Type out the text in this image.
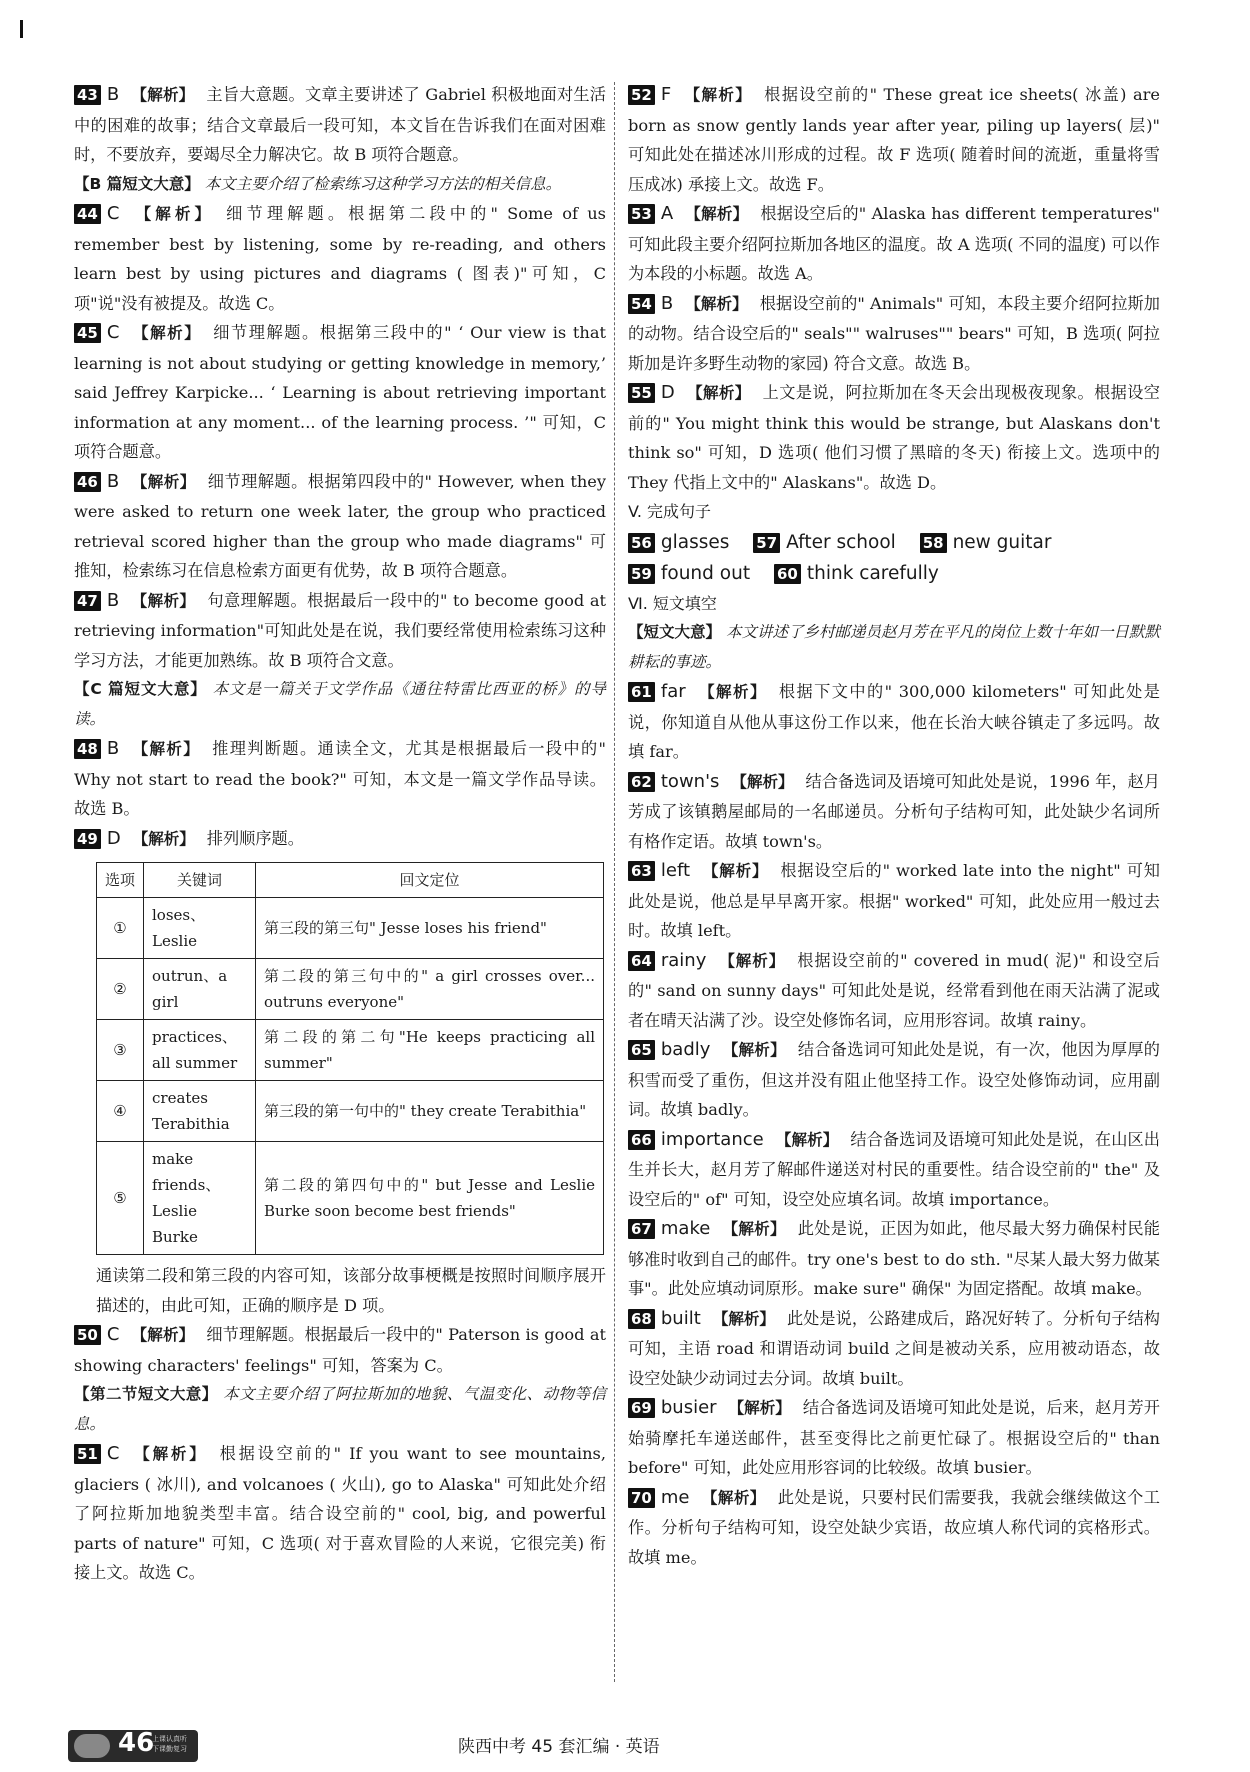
43 B 【解析】 主旨大意题。文章主要讲述了 Gabriel 积极地面对生活中的困难的故事；结合文章最后一段可知，本文旨在告诉我们在面对困难时，不要放弃，要竭尽全力解决它。故 B 项符合题意。
【B 篇短文大意】 本文主要介绍了检索练习这种学习方法的相关信息。
44 C 【解析】 细节理解题。根据第二段中的" Some of us remember best by listening, some by re-reading, and others learn best by using pictures and diagrams ( 图表)"可知，C 项"说"没有被提及。故选 C。
45 C 【解析】 细节理解题。根据第三段中的" ‘ Our view is that learning is not about studying or getting knowledge in memory,’ said Jeffrey Karpicke... ‘ Learning is about retrieving important information at any moment... of the learning process. ’" 可知，C 项符合题意。
46 B 【解析】 细节理解题。根据第四段中的" However, when they were asked to return one week later, the group who practiced retrieval scored higher than the group who made diagrams" 可推知，检索练习在信息检索方面更有优势，故 B 项符合题意。
47 B 【解析】 句意理解题。根据最后一段中的" to become good at retrieving information"可知此处是在说，我们要经常使用检索练习这种学习方法，才能更加熟练。故 B 项符合文意。
【C 篇短文大意】 本文是一篇关于文学作品《通往特雷比西亚的桥》的导读。
48 B 【解析】 推理判断题。通读全文，尤其是根据最后一段中的" Why not start to read the book?" 可知，本文是一篇文学作品导读。故选 B。
49 D 【解析】 排列顺序题。
选项	关键词	回文定位
①	loses、Leslie	第三段的第三句" Jesse loses his friend"
②	outrun、a girl	第二段的第三句中的" a girl crosses over... outruns everyone"
③	practices、 all summer	第二段的第二句"He keeps practicing all summer"
④	creates Terabithia	第三段的第一句中的" they create Terabithia"
⑤	make friends、 Leslie Burke	第二段的第四句中的" but Jesse and Leslie Burke soon become best friends"
通读第二段和第三段的内容可知，该部分故事梗概是按照时间顺序展开描述的，由此可知，正确的顺序是 D 项。
50 C 【解析】 细节理解题。根据最后一段中的" Paterson is good at showing characters' feelings" 可知，答案为 C。
【第二节短文大意】 本文主要介绍了阿拉斯加的地貌、气温变化、动物等信息。
51 C 【解析】 根据设空前的" If you want to see mountains, glaciers ( 冰川), and volcanoes ( 火山), go to Alaska" 可知此处介绍了阿拉斯加地貌类型丰富。结合设空前的" cool, big, and powerful parts of nature" 可知，C 选项( 对于喜欢冒险的人来说，它很完美) 衔接上文。故选 C。
52 F 【解析】 根据设空前的" These great ice sheets( 冰盖) are born as snow gently lands year after year, piling up layers( 层)" 可知此处在描述冰川形成的过程。故 F 选项( 随着时间的流逝，重量将雪压成冰) 承接上文。故选 F。
53 A 【解析】 根据设空后的" Alaska has different temperatures" 可知此段主要介绍阿拉斯加各地区的温度。故 A 选项( 不同的温度) 可以作为本段的小标题。故选 A。
54 B 【解析】 根据设空前的" Animals" 可知，本段主要介绍阿拉斯加的动物。结合设空后的" seals"" walruses"" bears" 可知，B 选项( 阿拉斯加是许多野生动物的家园) 符合文意。故选 B。
55 D 【解析】 上文是说，阿拉斯加在冬天会出现极夜现象。根据设空前的" You might think this would be strange, but Alaskans don't think so" 可知，D 选项( 他们习惯了黑暗的冬天) 衔接上文。选项中的 They 代指上文中的" Alaskans"。故选 D。
V. 完成句子
56 glasses 57 After school 58 new guitar
59 found out 60 think carefully
Ⅵ. 短文填空
【短文大意】 本文讲述了乡村邮递员赵月芳在平凡的岗位上数十年如一日默默耕耘的事迹。
61 far 【解析】 根据下文中的" 300,000 kilometers" 可知此处是说，你知道自从他从事这份工作以来，他在长治大峡谷镇走了多远吗。故填 far。
62 town's 【解析】 结合备选词及语境可知此处是说，1996 年，赵月芳成了该镇鹅屋邮局的一名邮递员。分析句子结构可知，此处缺少名词所有格作定语。故填 town's。
63 left 【解析】 根据设空后的" worked late into the night" 可知此处是说，他总是早早离开家。根据" worked" 可知，此处应用一般过去时。故填 left。
64 rainy 【解析】 根据设空前的" covered in mud( 泥)" 和设空后的" sand on sunny days" 可知此处是说，经常看到他在雨天沾满了泥或者在晴天沾满了沙。设空处修饰名词，应用形容词。故填 rainy。
65 badly 【解析】 结合备选词可知此处是说，有一次，他因为厚厚的积雪而受了重伤，但这并没有阻止他坚持工作。设空处修饰动词，应用副词。故填 badly。
66 importance 【解析】 结合备选词及语境可知此处是说，在山区出生并长大，赵月芳了解邮件递送对村民的重要性。结合设空前的" the" 及设空后的" of" 可知，设空处应填名词。故填 importance。
67 make 【解析】 此处是说，正因为如此，他尽最大努力确保村民能够准时收到自己的邮件。try one's best to do sth. "尽某人最大努力做某事"。此处应填动词原形。make sure" 确保" 为固定搭配。故填 make。
68 built 【解析】 此处是说，公路建成后，路况好转了。分析句子结构可知，主语 road 和谓语动词 build 之间是被动关系，应用被动语态，故设空处缺少动词过去分词。故填 built。
69 busier 【解析】 结合备选词及语境可知此处是说，后来，赵月芳开始骑摩托车递送邮件，甚至变得比之前更忙碌了。根据设空后的" than before" 可知，此处应用形容词的比较级。故填 busier。
70 me 【解析】 此处是说，只要村民们需要我，我就会继续做这个工作。分析句子结构可知，设空处缺少宾语，故应填人称代词的宾格形式。故填 me。
46
上课认真听
下课勤复习	陕西中考 45 套汇编 · 英语
